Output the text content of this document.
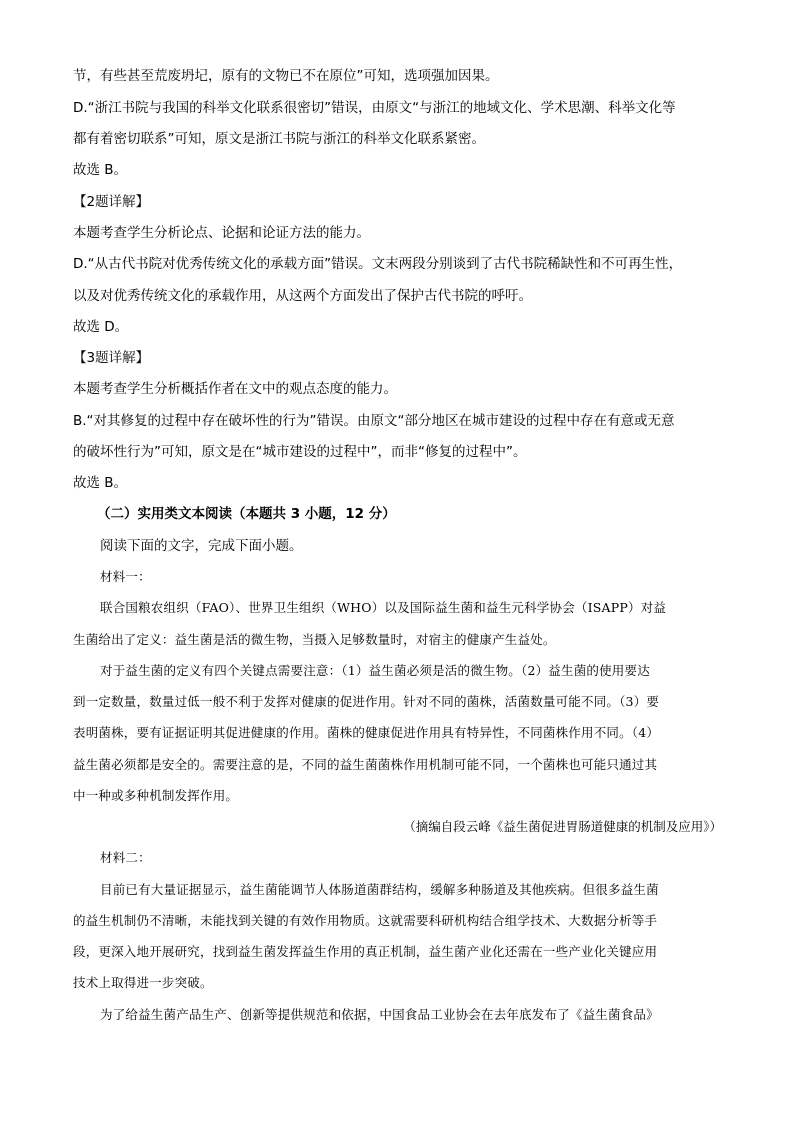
节，有些甚至荒废坍圮，原有的文物已不在原位”可知，选项强加因果。
D.“浙江书院与我国的科举文化联系很密切”错误，由原文“与浙江的地域文化、学术思潮、科举文化等
都有着密切联系”可知，原文是浙江书院与浙江的科举文化联系紧密。
故选 B。
【2题详解】
本题考查学生分析论点、论据和论证方法的能力。
D.“从古代书院对优秀传统文化的承载方面”错误。文末两段分别谈到了古代书院稀缺性和不可再生性，
以及对优秀传统文化的承载作用，从这两个方面发出了保护古代书院的呼吁。
故选 D。
【3题详解】
本题考查学生分析概括作者在文中的观点态度的能力。
B.“对其修复的过程中存在破坏性的行为”错误。由原文“部分地区在城市建设的过程中存在有意或无意
的破坏性行为”可知，原文是在“城市建设的过程中”，而非“修复的过程中”。
故选 B。
（二）实用类文本阅读（本题共 3 小题，12 分）
阅读下面的文字，完成下面小题。
材料一：
联合国粮农组织（FAO）、世界卫生组织（WHO）以及国际益生菌和益生元科学协会（ISAPP）对益
生菌给出了定义：益生菌是活的微生物，当摄入足够数量时，对宿主的健康产生益处。
对于益生菌的定义有四个关键点需要注意：（1）益生菌必须是活的微生物。（2）益生菌的使用要达
到一定数量，数量过低一般不利于发挥对健康的促进作用。针对不同的菌株，活菌数量可能不同。（3）要
表明菌株，要有证据证明其促进健康的作用。菌株的健康促进作用具有特异性，不同菌株作用不同。（4）
益生菌必须都是安全的。需要注意的是，不同的益生菌菌株作用机制可能不同，一个菌株也可能只通过其
中一种或多种机制发挥作用。
（摘编自段云峰《益生菌促进胃肠道健康的机制及应用》）
材料二：
目前已有大量证据显示，益生菌能调节人体肠道菌群结构，缓解多种肠道及其他疾病。但很多益生菌
的益生机制仍不清晰，未能找到关键的有效作用物质。这就需要科研机构结合组学技术、大数据分析等手
段，更深入地开展研究，找到益生菌发挥益生作用的真正机制，益生菌产业化还需在一些产业化关键应用
技术上取得进一步突破。
为了给益生菌产品生产、创新等提供规范和依据，中国食品工业协会在去年底发布了《益生菌食品》
